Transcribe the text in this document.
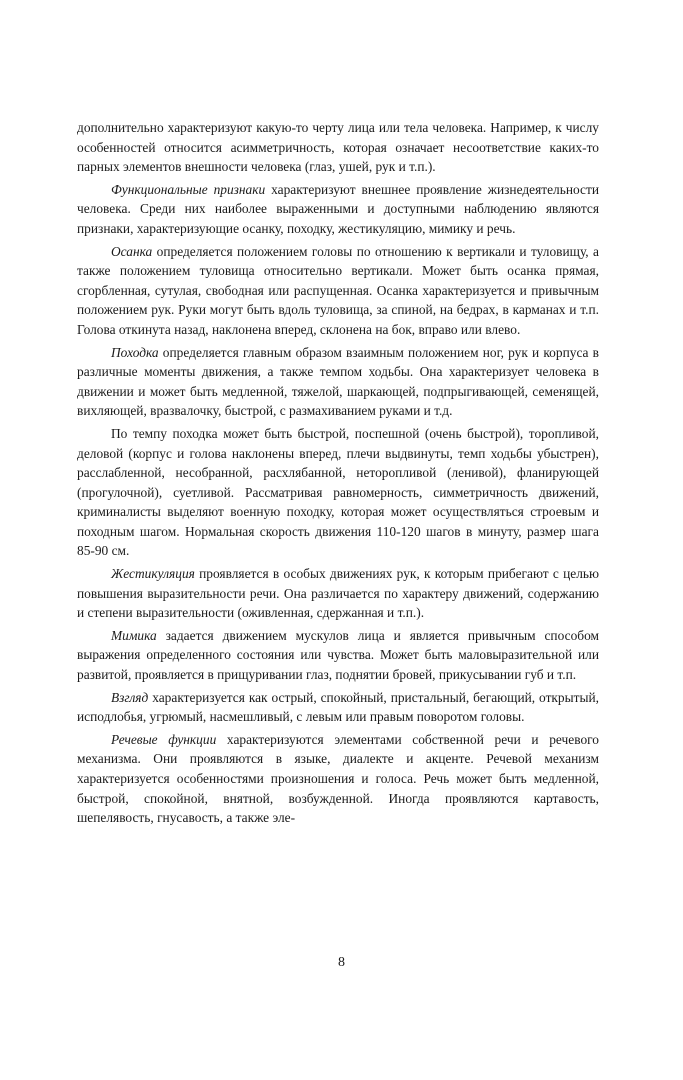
дополнительно характеризуют какую-то черту лица или тела человека. Например, к числу особенностей относится асимметричность, которая означает несоответствие каких-то парных элементов внешности человека (глаз, ушей, рук и т.п.).

Функциональные признаки характеризуют внешнее проявление жизнедеятельности человека. Среди них наиболее выраженными и доступными наблюдению являются признаки, характеризующие осанку, походку, жестикуляцию, мимику и речь.

Осанка определяется положением головы по отношению к вертикали и туловищу, а также положением туловища относительно вертикали. Может быть осанка прямая, сгорбленная, сутулая, свободная или распущенная. Осанка характеризуется и привычным положением рук. Руки могут быть вдоль туловища, за спиной, на бедрах, в карманах и т.п. Голова откинута назад, наклонена вперед, склонена на бок, вправо или влево.

Походка определяется главным образом взаимным положением ног, рук и корпуса в различные моменты движения, а также темпом ходьбы. Она характеризует человека в движении и может быть медленной, тяжелой, шаркающей, подпрыгивающей, семенящей, вихляющей, вразвалочку, быстрой, с размахиванием руками и т.д.

По темпу походка может быть быстрой, поспешной (очень быстрой), торопливой, деловой (корпус и голова наклонены вперед, плечи выдвинуты, темп ходьбы убыстрен), расслабленной, несобранной, расхлябанной, неторопливой (ленивой), фланирующей (прогулочной), суетливой. Рассматривая равномерность, симметричность движений, криминалисты выделяют военную походку, которая может осуществляться строевым и походным шагом. Нормальная скорость движения 110-120 шагов в минуту, размер шага 85-90 см.

Жестикуляция проявляется в особых движениях рук, к которым прибегают с целью повышения выразительности речи. Она различается по характеру движений, содержанию и степени выразительности (оживленная, сдержанная и т.п.).

Мимика задается движением мускулов лица и является привычным способом выражения определенного состояния или чувства. Может быть маловыразительной или развитой, проявляется в прищуривании глаз, поднятии бровей, прикусывании губ и т.п.

Взгляд характеризуется как острый, спокойный, пристальный, бегающий, открытый, исподлобья, угрюмый, насмешливый, с левым или правым поворотом головы.

Речевые функции характеризуются элементами собственной речи и речевого механизма. Они проявляются в языке, диалекте и акценте. Речевой механизм характеризуется особенностями произношения и голоса. Речь может быть медленной, быстрой, спокойной, внятной, возбужденной. Иногда проявляются картавость, шепелявость, гнусавость, а также эле-

8
